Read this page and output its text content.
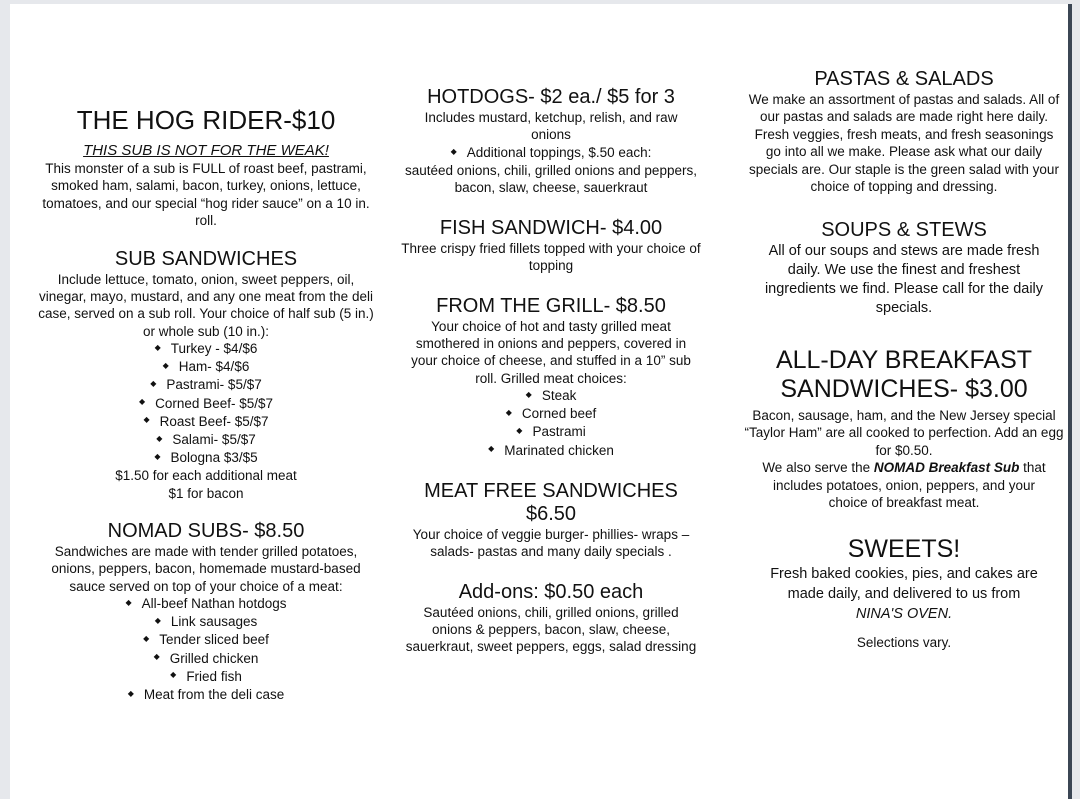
THE HOG RIDER-$10

THIS SUB IS NOT FOR THE WEAK!

This monster of a sub is FULL of roast beef, pastrami, smoked ham, salami, bacon, turkey, onions, lettuce, tomatoes, and our special “hog rider sauce” on a 10 in. roll.

SUB SANDWICHES

Include lettuce, tomato, onion, sweet peppers, oil, vinegar, mayo, mustard, and any one meat from the deli case, served on a sub roll. Your choice of half sub (5 in.) or whole sub (10 in.):

◆ Turkey - $4/$6
◆ Ham- $4/$6
◆ Pastrami- $5/$7
◆ Corned Beef- $5/$7
◆ Roast Beef- $5/$7
◆ Salami- $5/$7
◆ Bologna $3/$5

$1.50 for each additional meat

$1 for bacon

NOMAD SUBS- $8.50

Sandwiches are made with tender grilled potatoes, onions, peppers, bacon, homemade mustard-based sauce served on top of your choice of a meat:

◆ All-beef Nathan hotdogs
◆ Link sausages
◆ Tender sliced beef
◆ Grilled chicken
◆ Fried fish
◆ Meat from the deli case
HOTDOGS- $2 ea./ $5 for 3

Includes mustard, ketchup, relish, and raw onions

◆ Additional toppings, $.50 each:

sautéed onions, chili, grilled onions and peppers, bacon, slaw, cheese, sauerkraut

FISH SANDWICH- $4.00

Three crispy fried fillets topped with your choice of topping

FROM THE GRILL- $8.50

Your choice of hot and tasty grilled meat smothered in onions and peppers, covered in your choice of cheese, and stuffed in a 10” sub roll. Grilled meat choices:

◆ Steak
◆ Corned beef
◆ Pastrami
◆ Marinated chicken
MEAT FREE SANDWICHES
$6.50

Your choice of veggie burger- phillies- wraps – salads- pastas and many daily specials .

Add-ons: $0.50 each

Sautéed onions, chili, grilled onions, grilled onions & peppers, bacon, slaw, cheese, sauerkraut, sweet peppers, eggs, salad dressing

PASTAS & SALADS

We make an assortment of pastas and salads. All of our pastas and salads are made right here daily. Fresh veggies, fresh meats, and fresh seasonings go into all we make. Please ask what our daily specials are. Our staple is the green salad with your choice of topping and dressing.

SOUPS & STEWS

All of our soups and stews are made fresh daily. We use the finest and freshest ingredients we find. Please call for the daily specials.

ALL-DAY BREAKFAST
SANDWICHES- $3.00

Bacon, sausage, ham, and the New Jersey special “Taylor Ham” are all cooked to perfection. Add an egg for $0.50.

We also serve the NOMAD Breakfast Sub that includes potatoes, onion, peppers, and your choice of breakfast meat.

SWEETS!

Fresh baked cookies, pies, and cakes are made daily, and delivered to us from NINA'S OVEN.

Selections vary.
